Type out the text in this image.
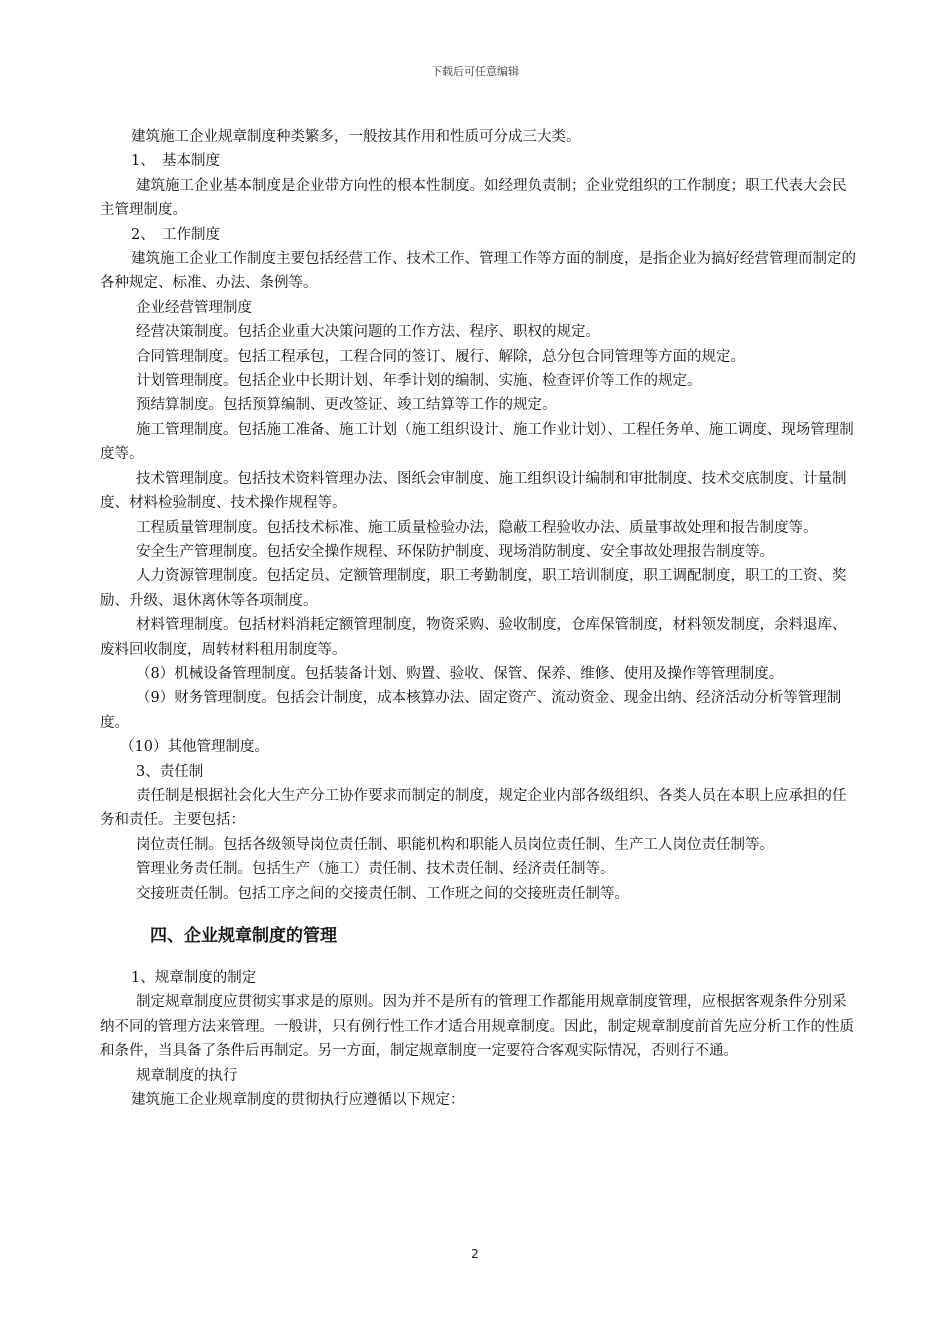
下载后可任意编辑

建筑施工企业规章制度种类繁多，一般按其作用和性质可分成三大类。

1、　基本制度

建筑施工企业基本制度是企业带方向性的根本性制度。如经理负责制；企业党组织的工作制度；职工代表大会民主管理制度。

2、　工作制度

建筑施工企业工作制度主要包括经营工作、技术工作、管理工作等方面的制度，是指企业为搞好经营管理而制定的各种规定、标准、办法、条例等。

企业经营管理制度

经营决策制度。包括企业重大决策问题的工作方法、程序、职权的规定。

合同管理制度。包括工程承包，工程合同的签订、履行、解除，总分包合同管理等方面的规定。

计划管理制度。包括企业中长期计划、年季计划的编制、实施、检查评价等工作的规定。

预结算制度。包括预算编制、更改签证、竣工结算等工作的规定。

施工管理制度。包括施工准备、施工计划（施工组织设计、施工作业计划）、工程任务单、施工调度、现场管理制度等。

技术管理制度。包括技术资料管理办法、图纸会审制度、施工组织设计编制和审批制度、技术交底制度、计量制度、材料检验制度、技术操作规程等。

工程质量管理制度。包括技术标准、施工质量检验办法，隐蔽工程验收办法、质量事故处理和报告制度等。

安全生产管理制度。包括安全操作规程、环保防护制度、现场消防制度、安全事故处理报告制度等。

人力资源管理制度。包括定员、定额管理制度，职工考勤制度，职工培训制度，职工调配制度，职工的工资、奖励、升级、退休离休等各项制度。

材料管理制度。包括材料消耗定额管理制度，物资采购、验收制度，仓库保管制度，材料领发制度，余料退库、废料回收制度，周转材料租用制度等。

（8）机械设备管理制度。包括装备计划、购置、验收、保管、保养、维修、使用及操作等管理制度。

（9）财务管理制度。包括会计制度，成本核算办法、固定资产、流动资金、现金出纳、经济活动分析等管理制度。

（10）其他管理制度。

3、责任制

责任制是根据社会化大生产分工协作要求而制定的制度，规定企业内部各级组织、各类人员在本职上应承担的任务和责任。主要包括：

岗位责任制。包括各级领导岗位责任制、职能机构和职能人员岗位责任制、生产工人岗位责任制等。

管理业务责任制。包括生产（施工）责任制、技术责任制、经济责任制等。

交接班责任制。包括工序之间的交接责任制、工作班之间的交接班责任制等。

四、企业规章制度的管理

1、规章制度的制定

制定规章制度应贯彻实事求是的原则。因为并不是所有的管理工作都能用规章制度管理，应根据客观条件分别采纳不同的管理方法来管理。一般讲，只有例行性工作才适合用规章制度。因此，制定规章制度前首先应分析工作的性质和条件，当具备了条件后再制定。另一方面，制定规章制度一定要符合客观实际情况，否则行不通。

规章制度的执行

建筑施工企业规章制度的贯彻执行应遵循以下规定：

2
